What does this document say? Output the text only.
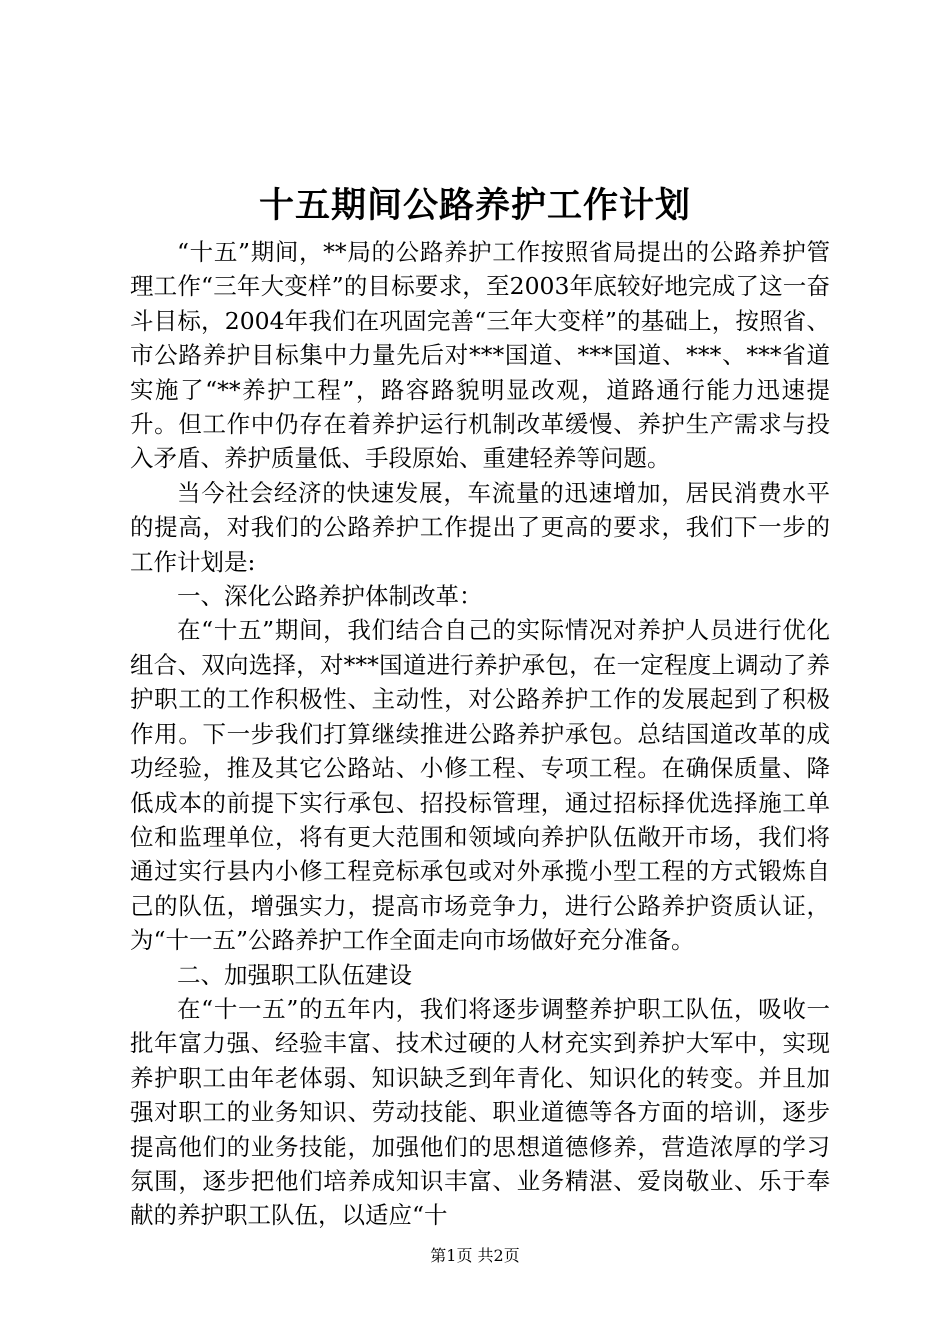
十五期间公路养护工作计划

“十五”期间，**局的公路养护工作按照省局提出的公路养护管理工作“三年大变样”的目标要求，至2003年底较好地完成了这一奋斗目标，2004年我们在巩固完善“三年大变样”的基础上，按照省、市公路养护目标集中力量先后对***国道、***国道、***、***省道实施了“**养护工程”，路容路貌明显改观，道路通行能力迅速提升。但工作中仍存在着养护运行机制改革缓慢、养护生产需求与投入矛盾、养护质量低、手段原始、重建轻养等问题。

当今社会经济的快速发展，车流量的迅速增加，居民消费水平的提高，对我们的公路养护工作提出了更高的要求，我们下一步的工作计划是:

一、深化公路养护体制改革：

在“十五”期间，我们结合自己的实际情况对养护人员进行优化组合、双向选择，对***国道进行养护承包，在一定程度上调动了养护职工的工作积极性、主动性，对公路养护工作的发展起到了积极作用。下一步我们打算继续推进公路养护承包。总结国道改革的成功经验，推及其它公路站、小修工程、专项工程。在确保质量、降低成本的前提下实行承包、招投标管理，通过招标择优选择施工单位和监理单位，将有更大范围和领域向养护队伍敞开市场，我们将通过实行县内小修工程竞标承包或对外承揽小型工程的方式锻炼自己的队伍，增强实力，提高市场竞争力，进行公路养护资质认证，为“十一五”公路养护工作全面走向市场做好充分准备。

二、加强职工队伍建设

在“十一五”的五年内，我们将逐步调整养护职工队伍，吸收一批年富力强、经验丰富、技术过硬的人材充实到养护大军中，实现养护职工由年老体弱、知识缺乏到年青化、知识化的转变。并且加强对职工的业务知识、劳动技能、职业道德等各方面的培训，逐步提高他们的业务技能，加强他们的思想道德修养，营造浓厚的学习氛围，逐步把他们培养成知识丰富、业务精湛、爱岗敬业、乐于奉献的养护职工队伍，以适应“十

第1页 共2页
